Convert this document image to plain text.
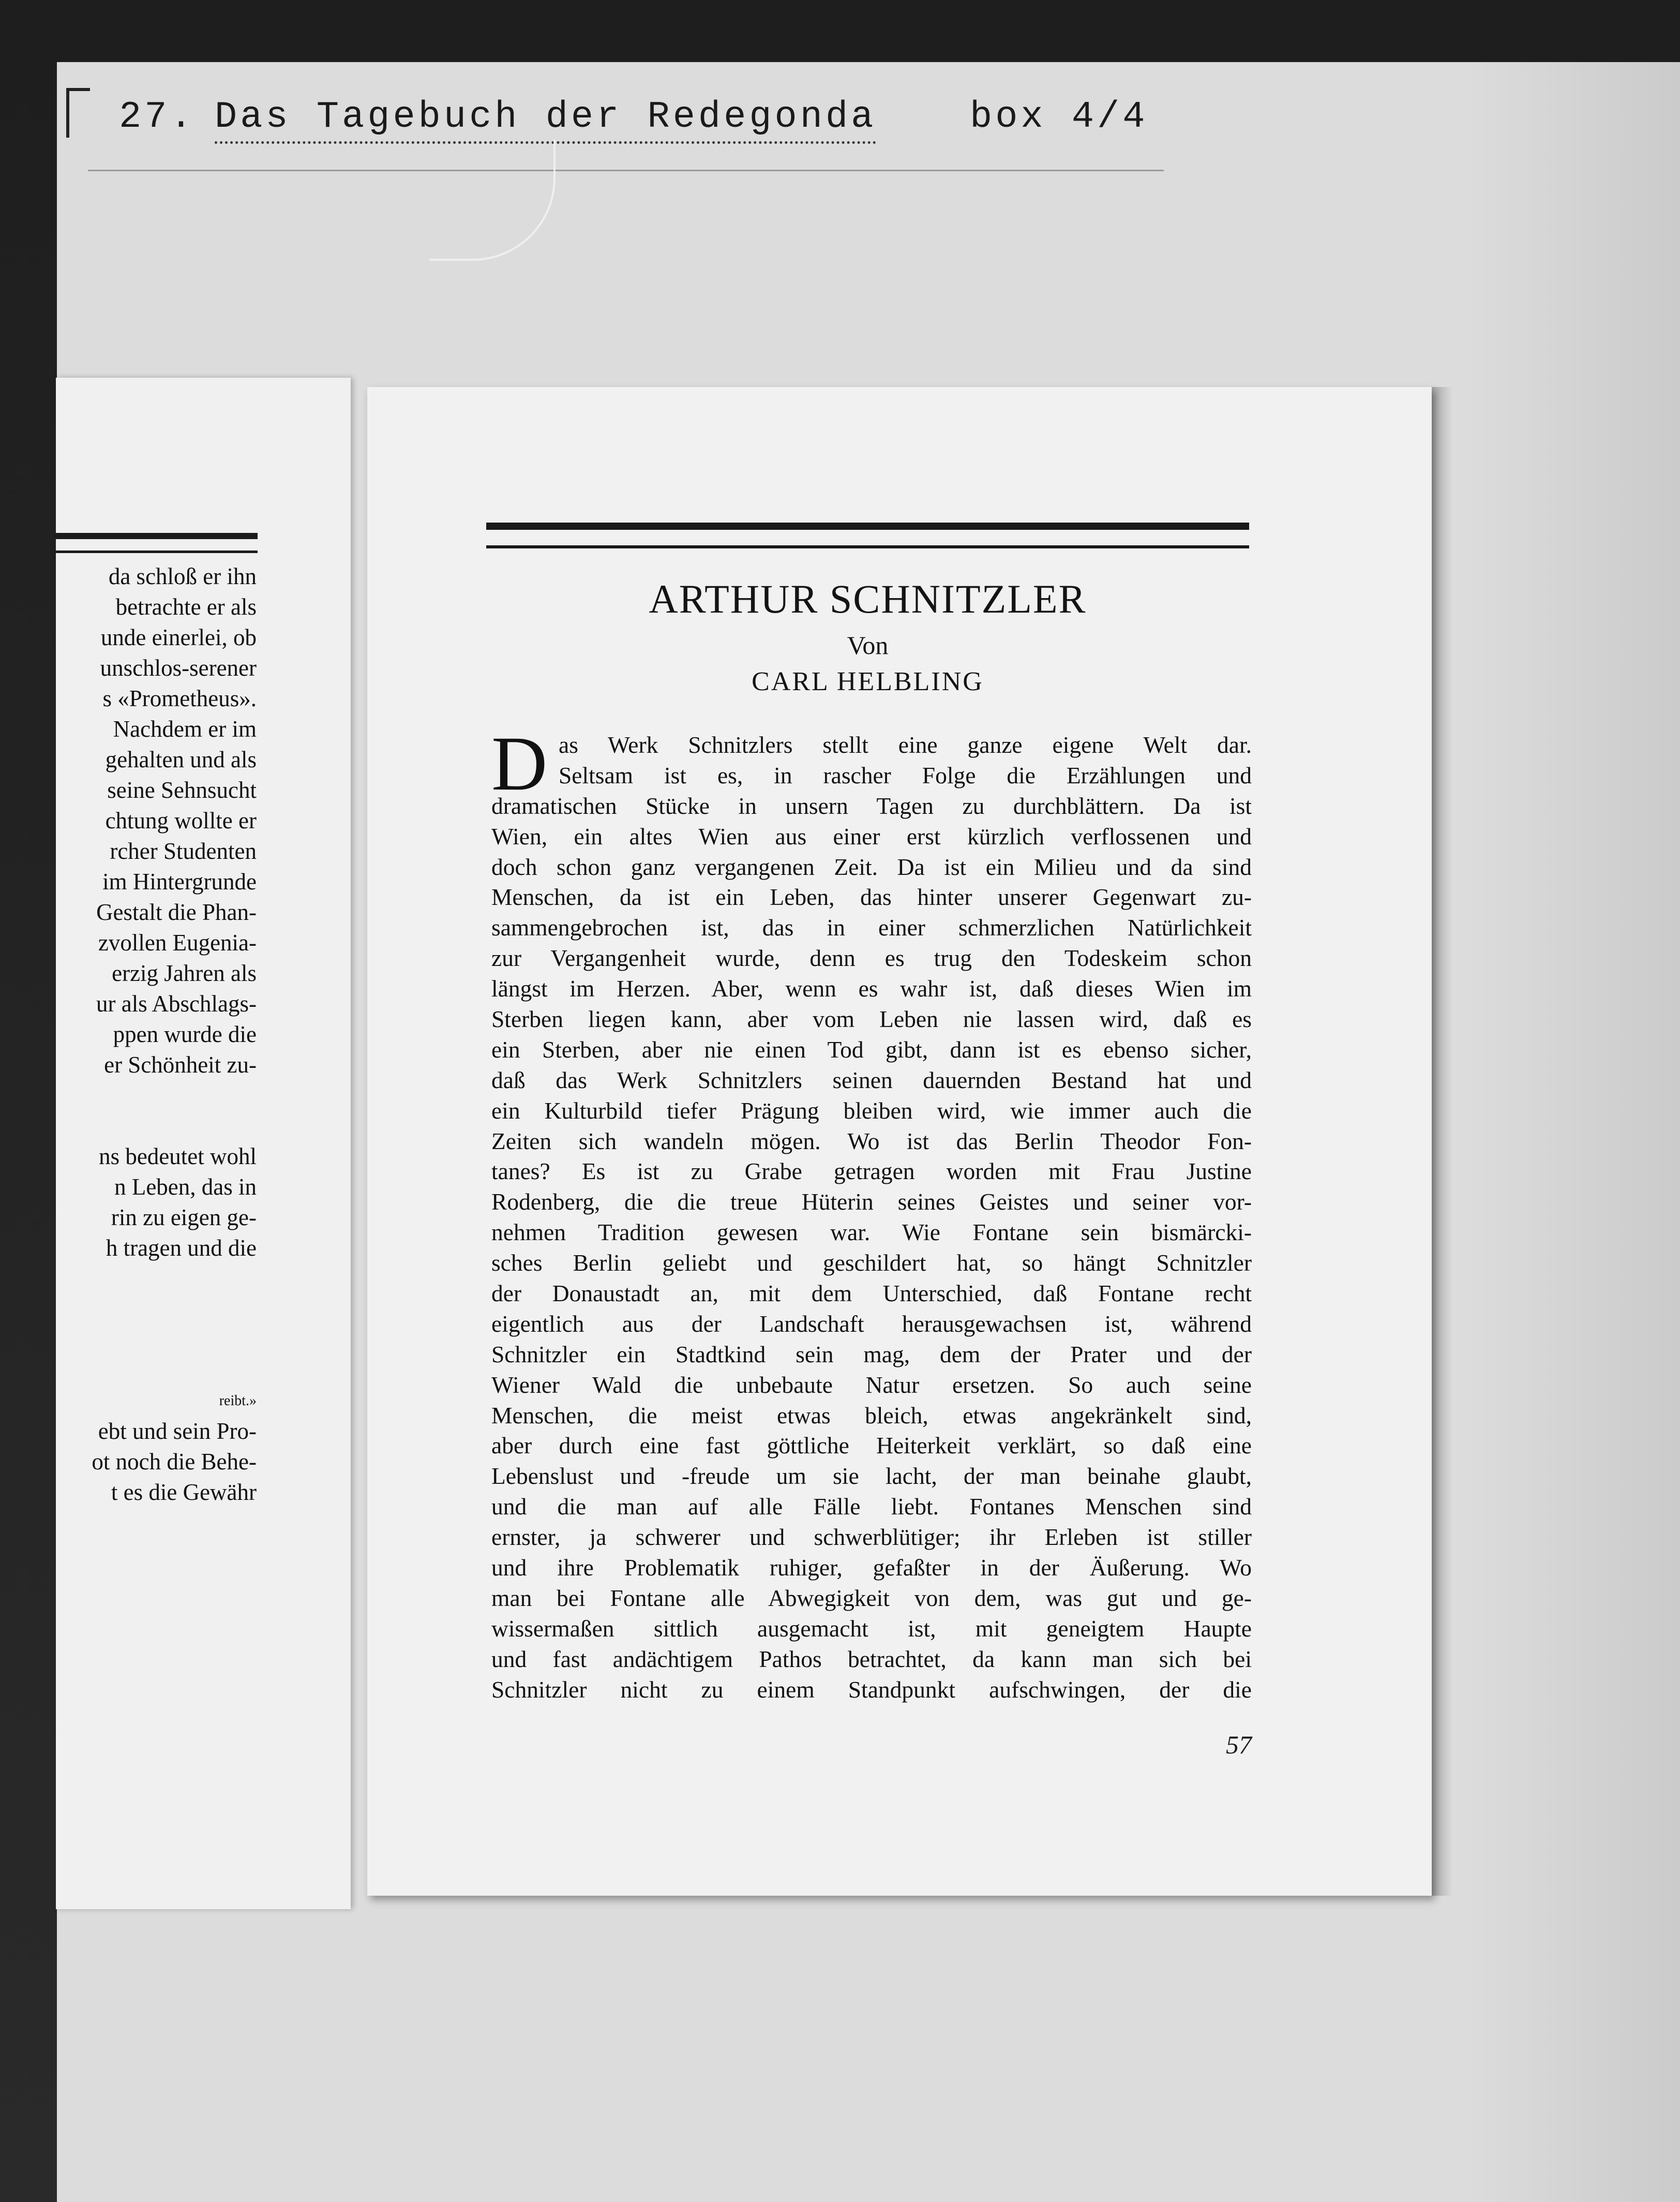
27. Das Tagebuch der Redegonda	box 4/4
da schloß er ihn
betrachte er als
unde einerlei, ob
unschlos-serener
s «Prometheus».
Nachdem er im
gehalten und als
seine Sehnsucht
chtung wollte er
rcher Studenten
im Hintergrunde
Gestalt die Phan-
zvollen Eugenia-
erzig Jahren als
ur als Abschlags-
ppen wurde die
er Schönheit zu-
ns bedeutet wohl
n Leben, das in
rin zu eigen ge-
h tragen und die
reibt.»
ebt und sein Pro-
ot noch die Behe-
t es die Gewähr
ARTHUR SCHNITZLER
Von
CARL HELBLING
D as Werk Schnitzlers stellt eine ganze eigene Welt dar.
Seltsam ist es, in rascher Folge die Erzählungen und
dramatischen Stücke in unsern Tagen zu durchblättern. Da ist
Wien, ein altes Wien aus einer erst kürzlich verflossenen und
doch schon ganz vergangenen Zeit. Da ist ein Milieu und da sind
Menschen, da ist ein Leben, das hinter unserer Gegenwart zu-
sammengebrochen ist, das in einer schmerzlichen Natürlichkeit
zur Vergangenheit wurde, denn es trug den Todeskeim schon
längst im Herzen. Aber, wenn es wahr ist, daß dieses Wien im
Sterben liegen kann, aber vom Leben nie lassen wird, daß es
ein Sterben, aber nie einen Tod gibt, dann ist es ebenso sicher,
daß das Werk Schnitzlers seinen dauernden Bestand hat und
ein Kulturbild tiefer Prägung bleiben wird, wie immer auch die
Zeiten sich wandeln mögen. Wo ist das Berlin Theodor Fon-
tanes? Es ist zu Grabe getragen worden mit Frau Justine
Rodenberg, die die treue Hüterin seines Geistes und seiner vor-
nehmen Tradition gewesen war. Wie Fontane sein bismärcki-
sches Berlin geliebt und geschildert hat, so hängt Schnitzler
der Donaustadt an, mit dem Unterschied, daß Fontane recht
eigentlich aus der Landschaft herausgewachsen ist, während
Schnitzler ein Stadtkind sein mag, dem der Prater und der
Wiener Wald die unbebaute Natur ersetzen. So auch seine
Menschen, die meist etwas bleich, etwas angekränkelt sind,
aber durch eine fast göttliche Heiterkeit verklärt, so daß eine
Lebenslust und -freude um sie lacht, der man beinahe glaubt,
und die man auf alle Fälle liebt. Fontanes Menschen sind
ernster, ja schwerer und schwerblütiger; ihr Erleben ist stiller
und ihre Problematik ruhiger, gefaßter in der Äußerung. Wo
man bei Fontane alle Abwegigkeit von dem, was gut und ge-
wissermaßen sittlich ausgemacht ist, mit geneigtem Haupte
und fast andächtigem Pathos betrachtet, da kann man sich bei
Schnitzler nicht zu einem Standpunkt aufschwingen, der die
57
